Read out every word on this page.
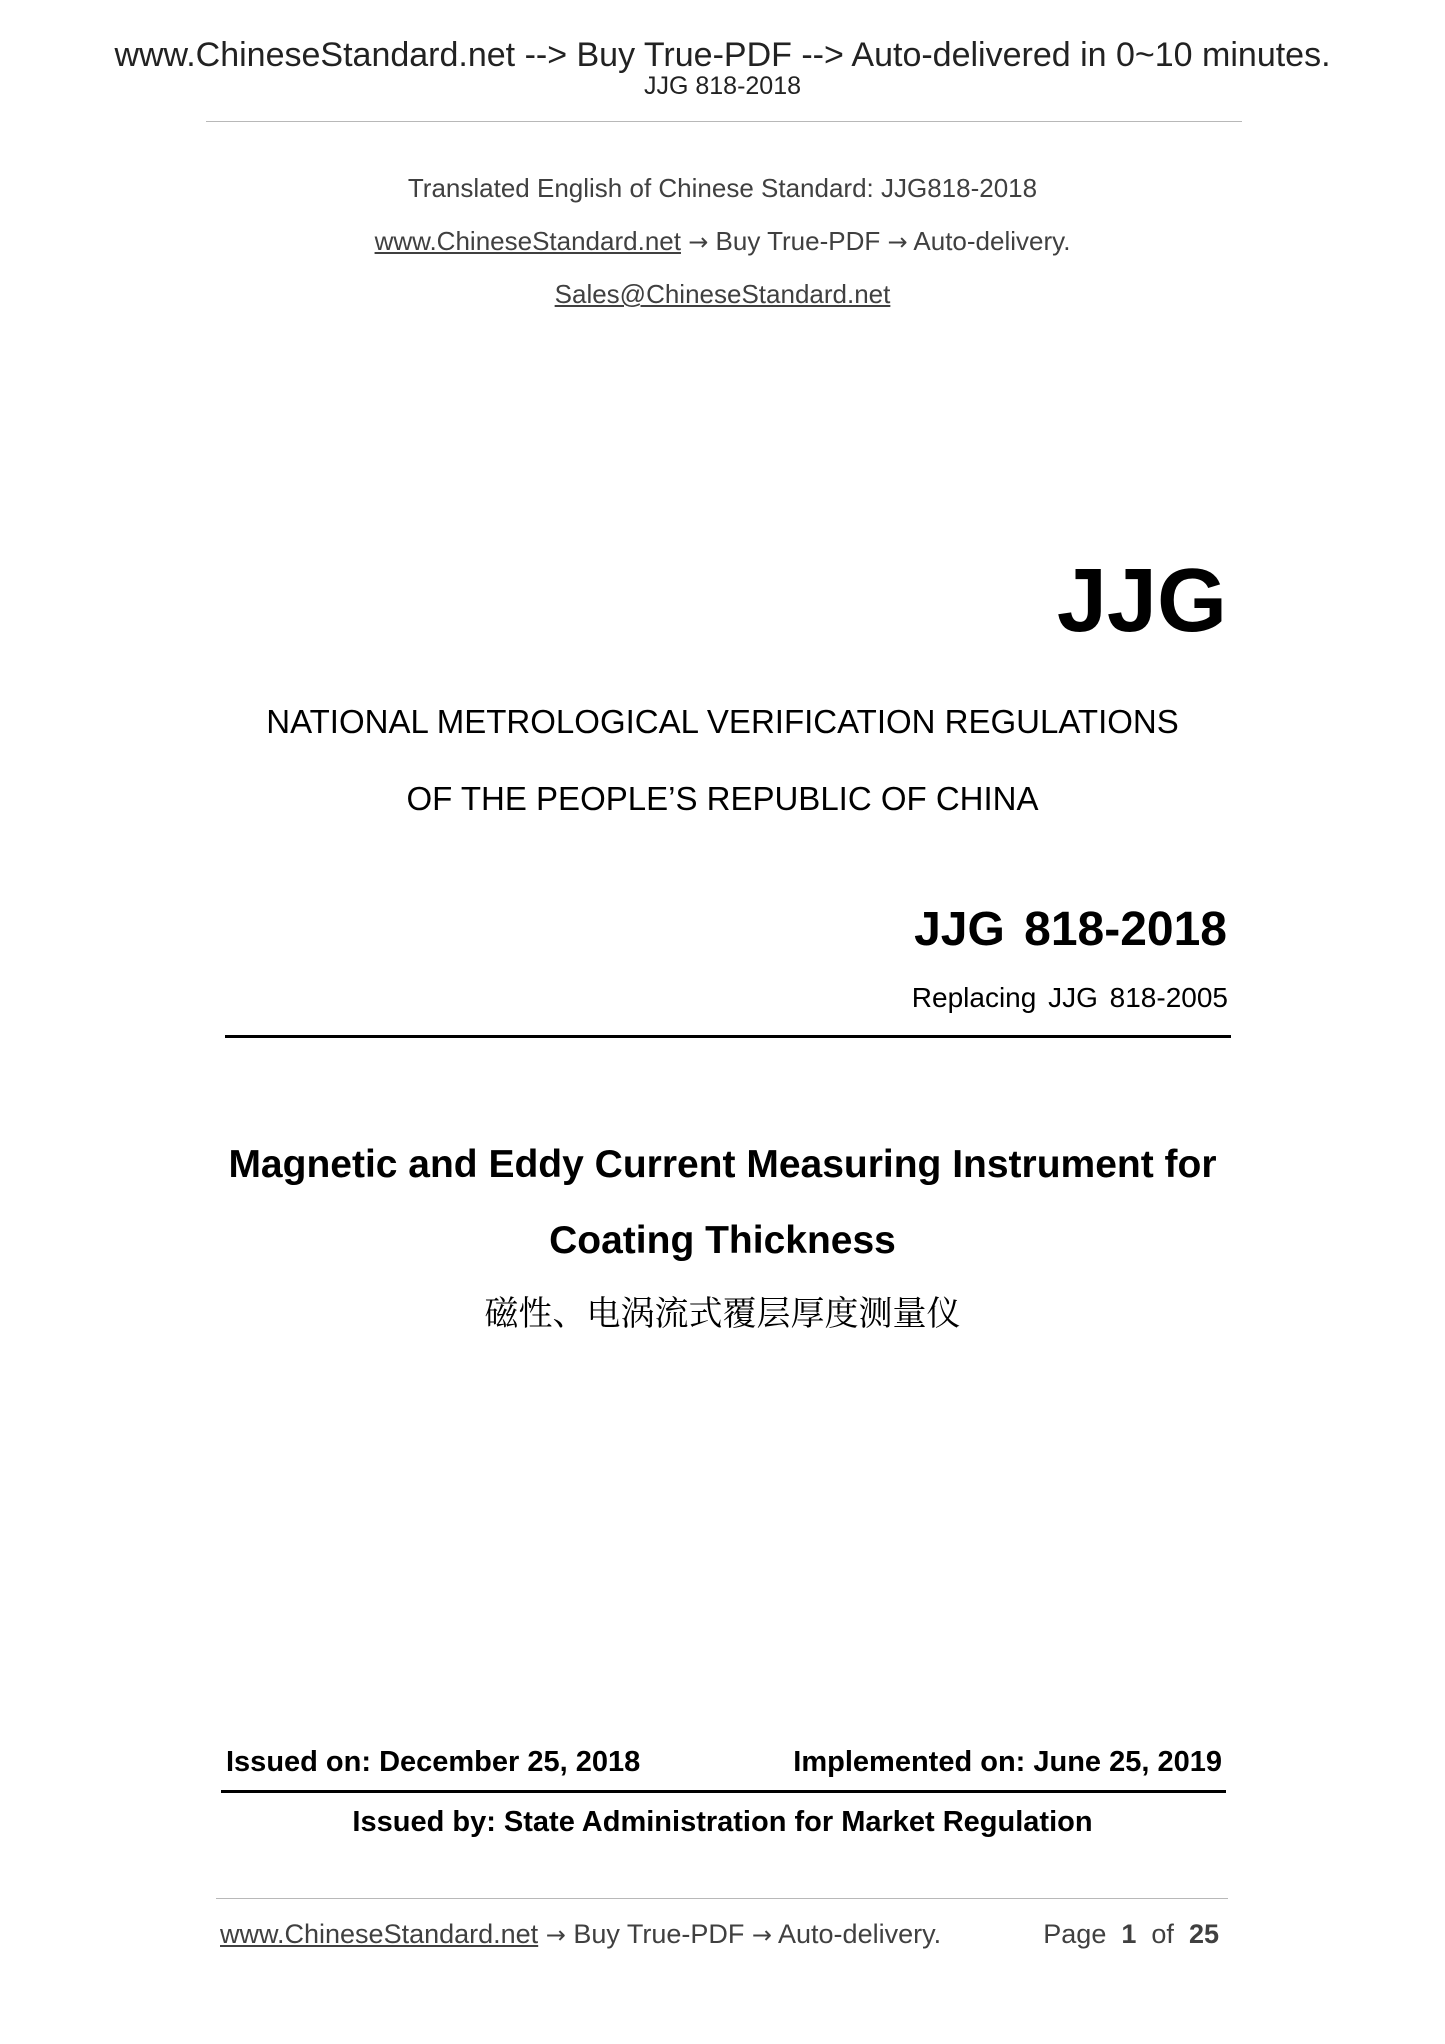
www.ChineseStandard.net --> Buy True-PDF --> Auto-delivered in 0~10 minutes.
JJG 818-2018
Translated English of Chinese Standard: JJG818-2018
www.ChineseStandard.net → Buy True-PDF → Auto-delivery.
Sales@ChineseStandard.net
JJG
NATIONAL METROLOGICAL VERIFICATION REGULATIONS
OF THE PEOPLE’S REPUBLIC OF CHINA
JJG 818-2018
Replacing JJG 818-2005
Magnetic and Eddy Current Measuring Instrument for
Coating Thickness
磁性、电涡流式覆层厚度测量仪
Issued on: December 25, 2018	Implemented on: June 25, 2019
Issued by: State Administration for Market Regulation
www.ChineseStandard.net → Buy True-PDF → Auto-delivery.	Page 1 of 25
